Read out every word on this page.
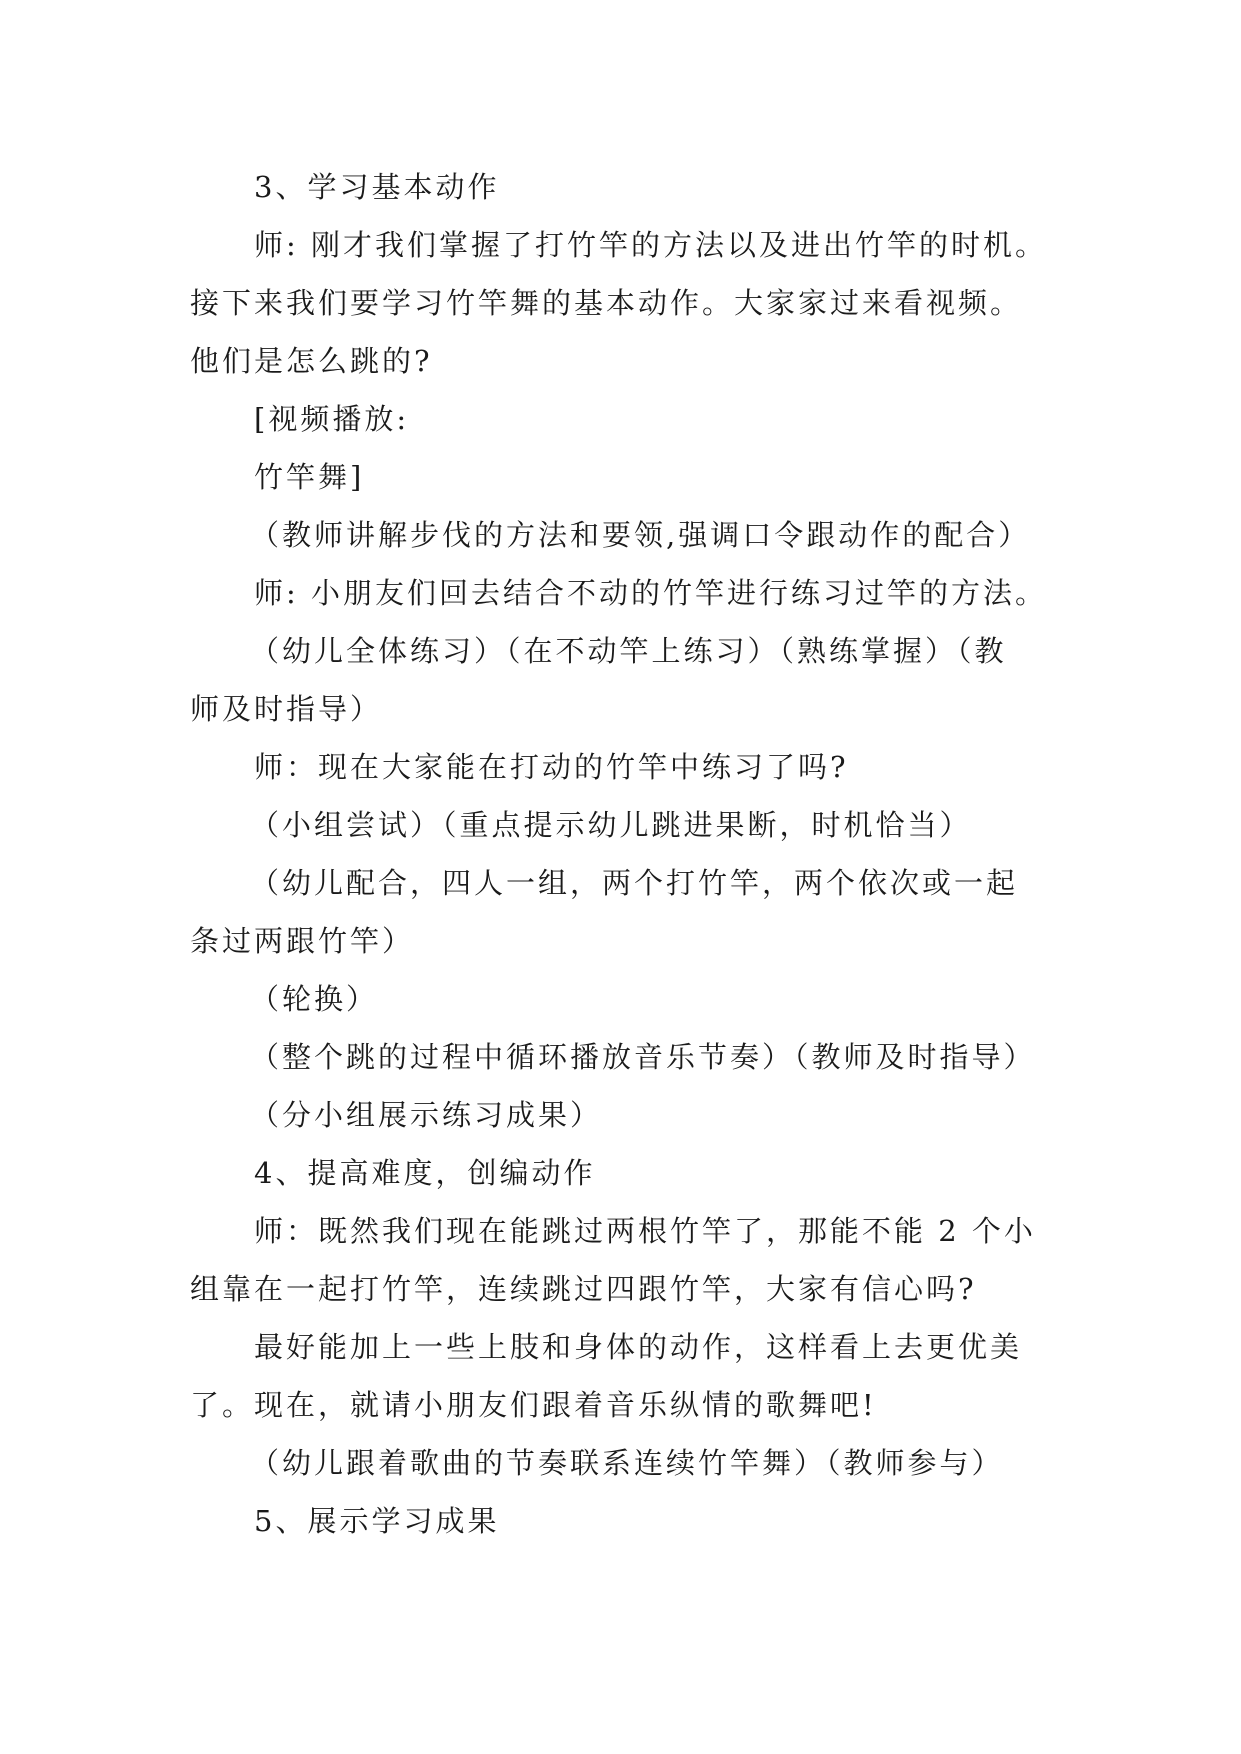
3、学习基本动作
师: 刚才我们掌握了打竹竿的方法以及进出竹竿的时机。
接下来我们要学习竹竿舞的基本动作。大家家过来看视频。
他们是怎么跳的?
[视频播放:
竹竿舞]
（教师讲解步伐的方法和要领,强调口令跟动作的配合）
师: 小朋友们回去结合不动的竹竿进行练习过竿的方法。
（幼儿全体练习）（在不动竿上练习）（熟练掌握）（教
师及时指导）
师：现在大家能在打动的竹竿中练习了吗?
（小组尝试）（重点提示幼儿跳进果断，时机恰当）
（幼儿配合，四人一组，两个打竹竿，两个依次或一起
条过两跟竹竿）
（轮换）
（整个跳的过程中循环播放音乐节奏）（教师及时指导）
（分小组展示练习成果）
4、提高难度，创编动作
师：既然我们现在能跳过两根竹竿了，那能不能 2 个小
组靠在一起打竹竿，连续跳过四跟竹竿，大家有信心吗?
最好能加上一些上肢和身体的动作，这样看上去更优美
了。现在，就请小朋友们跟着音乐纵情的歌舞吧!
（幼儿跟着歌曲的节奏联系连续竹竿舞）（教师参与）
5、展示学习成果
